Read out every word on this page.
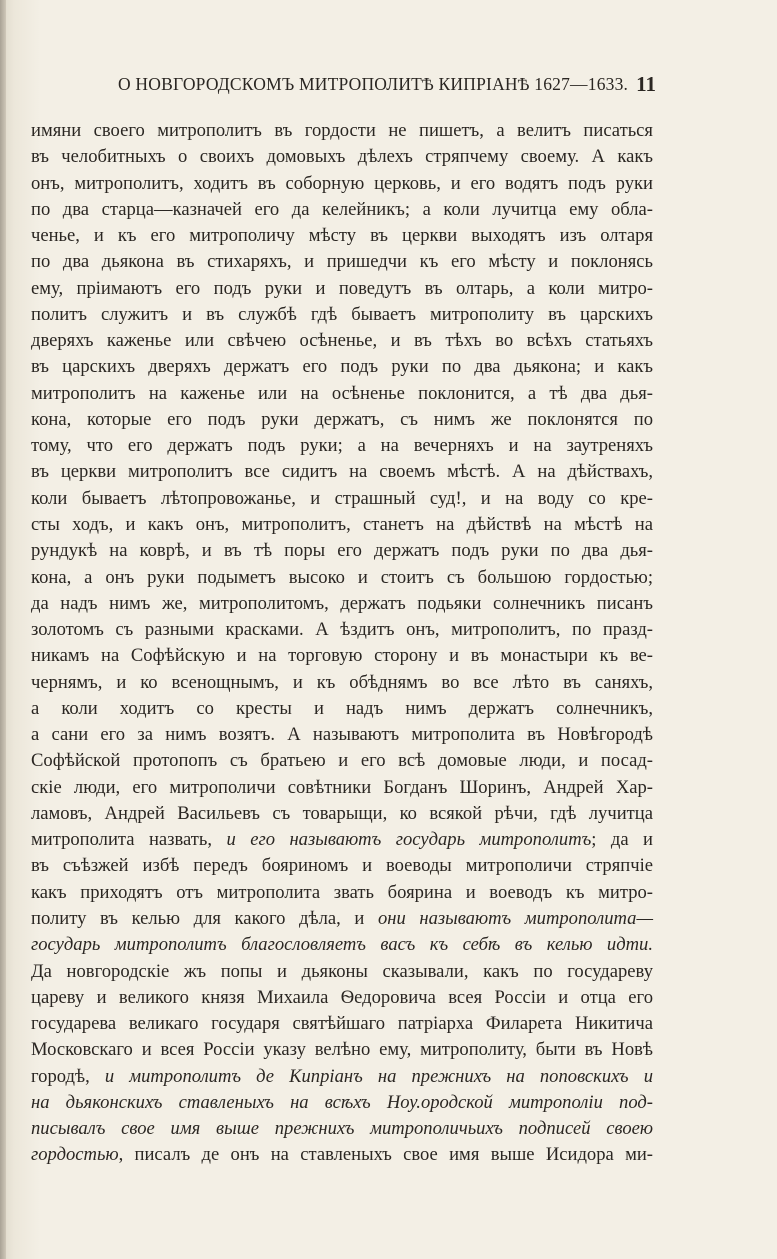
О НОВГОРОДСКОМЪ МИТРОПОЛИТѢ КИПРІАНѢ 1627—1633. 11
имяни своего митрополитъ въ гордости не пишетъ, а велитъ писаться
въ челобитныхъ о своихъ домовыхъ дѣлехъ стряпчему своему. А какъ
онъ, митрополитъ, ходитъ въ соборную церковь, и его водятъ подъ руки
по два старца—казначей его да келейникъ; а коли лучитца ему обла-
ченье, и къ его митрополичу мѣсту въ церкви выходятъ изъ олтаря
по два дьякона въ стихаряхъ, и пришедчи къ его мѣсту и поклонясь
ему, пріимаютъ его подъ руки и поведутъ въ олтарь, а коли митро-
политъ служитъ и въ службѣ гдѣ бываетъ митрополиту въ царскихъ
дверяхъ каженье или свѣчею осѣненье, и въ тѣхъ во всѣхъ статьяхъ
въ царскихъ дверяхъ держатъ его подъ руки по два дьякона; и какъ
митрополитъ на каженье или на осѣненье поклонится, а тѣ два дья-
кона, которые его подъ руки держатъ, съ нимъ же поклонятся по
тому, что его держатъ подъ руки; а на вечерняхъ и на заутреняхъ
въ церкви митрополитъ все сидитъ на своемъ мѣстѣ. А на дѣйствахъ,
коли бываетъ лѣтопровожанье, и страшный суд!, и на воду со кре-
сты ходъ, и какъ онъ, митрополитъ, станетъ на дѣйствѣ на мѣстѣ на
рундукѣ на коврѣ, и въ тѣ поры его держатъ подъ руки по два дья-
кона, а онъ руки подыметъ высоко и стоитъ съ большою гордостью;
да надъ нимъ же, митрополитомъ, держатъ подьяки солнечникъ писанъ
золотомъ съ разными красками. А ѣздитъ онъ, митрополитъ, по празд-
никамъ на Софѣйскую и на торговую сторону и въ монастыри къ ве-
чернямъ, и ко всенощнымъ, и къ обѣднямъ во все лѣто въ саняхъ,
а коли ходитъ со кресты и надъ нимъ держатъ солнечникъ,
а сани его за нимъ возятъ. А называютъ митрополита въ Новѣгородѣ
Софѣйской протопопъ съ братьею и его всѣ домовые люди, и посад-
скіе люди, его митрополичи совѣтники Богданъ Шоринъ, Андрей Хар-
ламовъ, Андрей Васильевъ съ товарыщи, ко всякой рѣчи, гдѣ лучитца
митрополита назвать, и его называютъ государь митрополитъ; да и
въ съѣзжей избѣ передъ бояриномъ и воеводы митрополичи стряпчіе
какъ приходятъ отъ митрополита звать боярина и воеводъ къ митро-
политу въ келью для какого дѣла, и они называютъ митрополита—
государь митрополитъ благословляетъ васъ къ себѣ въ келью идти.
Да новгородскіе жъ попы и дьяконы сказывали, какъ по государеву
цареву и великого князя Михаила Ѳедоровича всея Россіи и отца его
государева великаго государя святѣйшаго патріарха Филарета Никитича
Московскаго и всея Россіи указу велѣно ему, митрополиту, быти въ Новѣ
городѣ, и митрополитъ де Кипріанъ на прежнихъ на поповскихъ и
на дьяконскихъ ставленыхъ на всѣхъ Ноу.ородской митрополіи под-
писывалъ свое имя выше прежнихъ митрополичьихъ подписей своею
гордостью, писалъ де онъ на ставленыхъ свое имя выше Исидора ми-
